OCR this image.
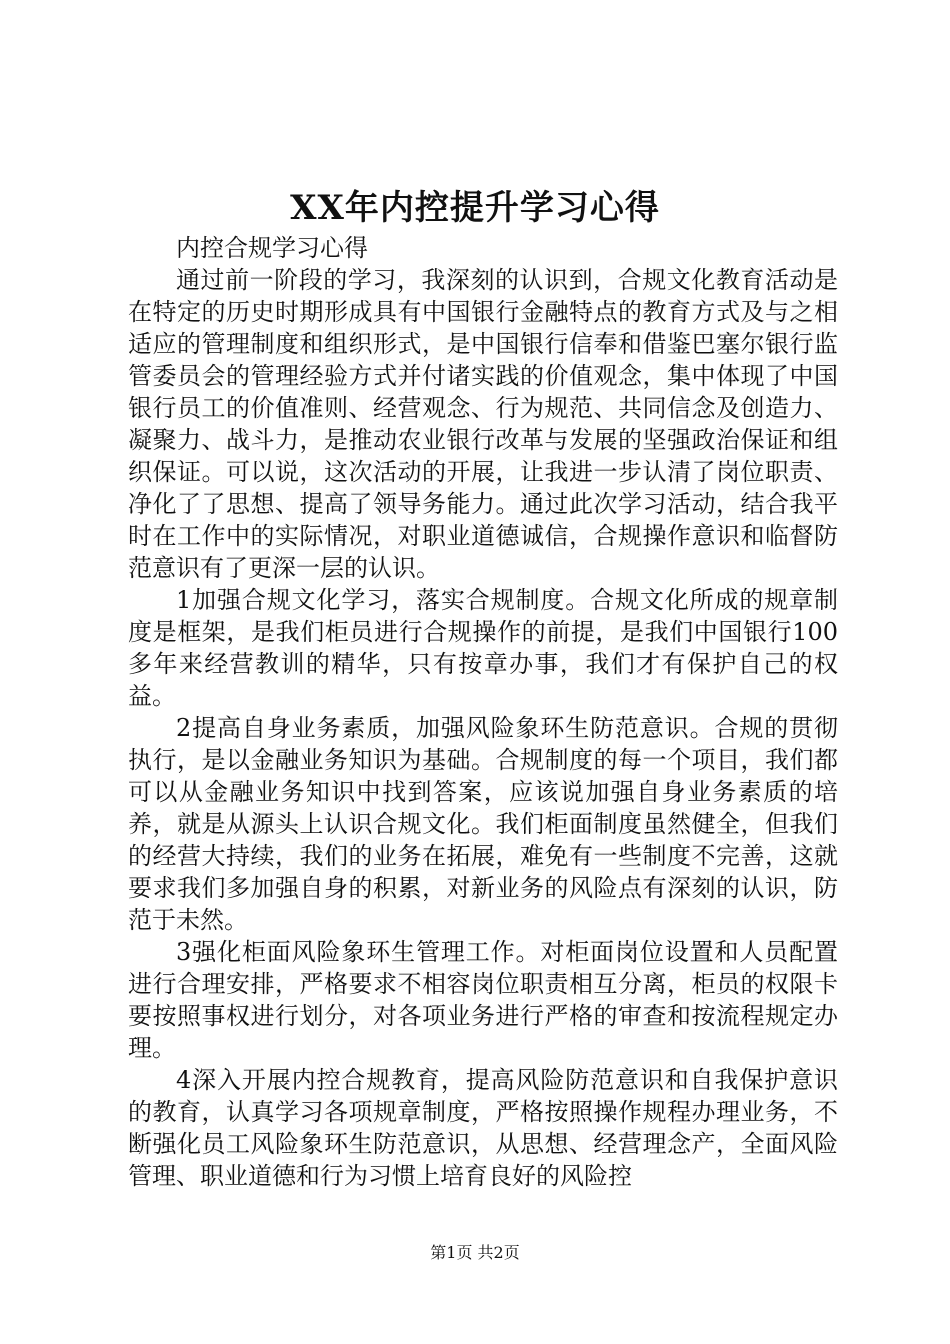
XX年内控提升学习心得

内控合规学习心得

通过前一阶段的学习，我深刻的认识到，合规文化教育活动是在特定的历史时期形成具有中国银行金融特点的教育方式及与之相适应的管理制度和组织形式，是中国银行信奉和借鉴巴塞尔银行监管委员会的管理经验方式并付诸实践的价值观念，集中体现了中国银行员工的价值准则、经营观念、行为规范、共同信念及创造力、凝聚力、战斗力，是推动农业银行改革与发展的坚强政治保证和组织保证。可以说，这次活动的开展，让我进一步认清了岗位职责、净化了了思想、提高了领导务能力。通过此次学习活动，结合我平时在工作中的实际情况，对职业道德诚信，合规操作意识和临督防范意识有了更深一层的认识。

1加强合规文化学习，落实合规制度。合规文化所成的规章制度是框架，是我们柜员进行合规操作的前提，是我们中国银行100多年来经营教训的精华，只有按章办事，我们才有保护自己的权益。

2提高自身业务素质，加强风险象环生防范意识。合规的贯彻执行，是以金融业务知识为基础。合规制度的每一个项目，我们都可以从金融业务知识中找到答案，应该说加强自身业务素质的培养，就是从源头上认识合规文化。我们柜面制度虽然健全，但我们的经营大持续，我们的业务在拓展，难免有一些制度不完善，这就要求我们多加强自身的积累，对新业务的风险点有深刻的认识，防范于未然。

3强化柜面风险象环生管理工作。对柜面岗位设置和人员配置进行合理安排，严格要求不相容岗位职责相互分离，柜员的权限卡要按照事权进行划分，对各项业务进行严格的审查和按流程规定办理。

4深入开展内控合规教育，提高风险防范意识和自我保护意识的教育，认真学习各项规章制度，严格按照操作规程办理业务，不断强化员工风险象环生防范意识，从思想、经营理念产，全面风险管理、职业道德和行为习惯上培育良好的风险控

第1页 共2页
